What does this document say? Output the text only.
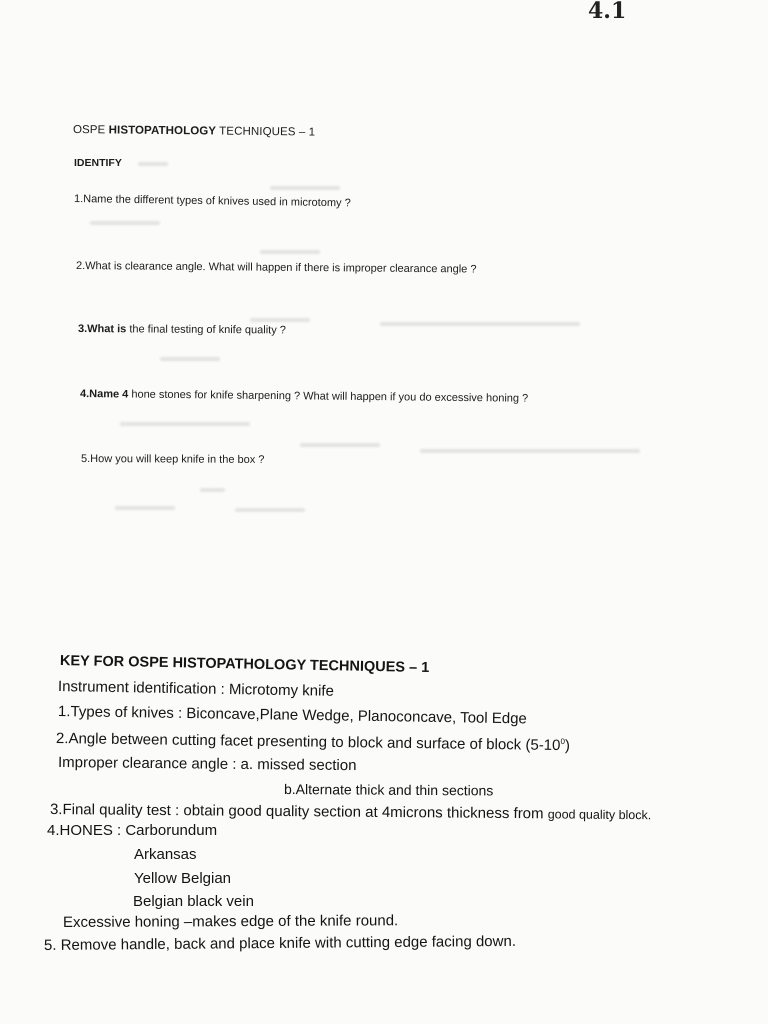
4.1
OSPE HISTOPATHOLOGY TECHNIQUES – 1
IDENTIFY
1.Name the different types of knives used in microtomy ?
2.What is clearance angle. What will happen if there is improper clearance angle ?
3.What is the final testing of knife quality ?
4.Name 4 hone stones for knife sharpening ? What will happen if you do excessive honing ?
5.How you will keep knife in the box ?
KEY FOR OSPE HISTOPATHOLOGY TECHNIQUES – 1
Instrument identification : Microtomy knife
1.Types of knives : Biconcave,Plane Wedge, Planoconcave, Tool Edge
2.Angle between cutting facet presenting to block and surface of block $(5-10^0)$
Improper clearance angle : a. missed section
b.Alternate thick and thin sections
3.Final quality test : obtain good quality section at 4microns thickness from good quality block.
4.HONES : Carborundum
Arkansas
Yellow Belgian
Belgian black vein
Excessive honing –makes edge of the knife round.
5. Remove handle, back and place knife with cutting edge facing down.
